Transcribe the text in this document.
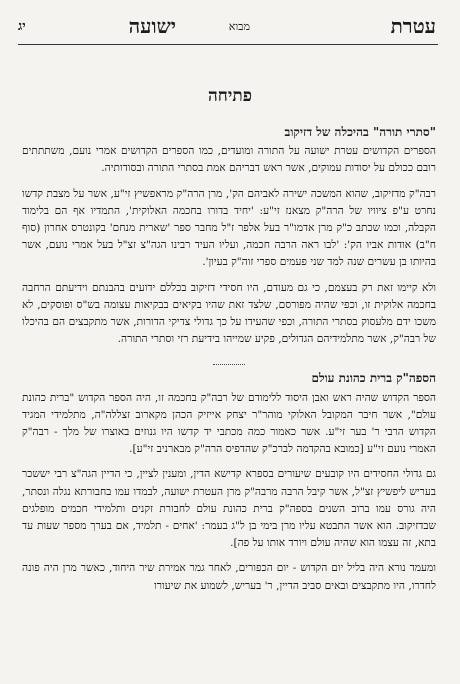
עטרת
מבוא
ישועה
יג
פתיחה
"סתרי תורה" בהיכלה של דזיקוב

הספרים הקדושים עטרת ישועה על התורה ומועדים, כמו הספרים הקדושים אמרי נועם, משתתתים רובם ככולם על יסודות עמוקים, אשר ראש דבריהם אמת בסתרי התורה ובסודותיה.

רבה"ק מדזיקוב, שהוא המשכה ישירה לאביהם הק', מרן הרה"ק מראפשיץ זי"ע, אשר על מצבת קדשו נחרט ע"פ ציוויו של הרה"ק מצאנז זי"ע: 'יחיד בדורו בחכמה האלוקית', התמדיו אף הם בלימוד הקבלה, וכמו שכתב כ"ק מרן אדמו"ר בעל אלפר ז"ל מחבר ספר 'שארית מנחם' בקונטרס אחרון (סוף ח"ב) אודות אביו הק': 'לבו ראה הרבה חכמה, ועליו העיד רבינו הגה"צ זצ"ל בעל אמרי נועם, אשר בהיותו בן עשרים שנה למד שני פעמים ספרי זוה"ק בעיון'.

ולא קיימו זאת רק בעצמם, כי גם מעודם, היו חסידי דזיקוב בכללם ידועים בהבנתם וידיעתם הרחבה בחכמה אלוקית זו, וכפי שהיה מפורסם, שלצד זאת שהיו בקיאים בבקיאות עצומה בש"ס ופוסקים, לא משכו ידם מלעסוק בסתרי התורה, וכפי שהעידו על כך גדולי צדיקי הדורות, אשר מתקבצים הם בהיכלו של רבה"ק, אשר מתלמידיהם הגדולים, פקיע שמייהו בידיעת רזי וסתרי התורה.

הספה"ק ברית כהונת עולם

הספר הקדוש שהיה ראש ואבן היסוד ללימודם של רבה"ק בחכמה זו, היה הספר הקדוש "ברית כהונת עולם", אשר חיבר המקובל האלוקי מוהר"ר יצחק אייזיק הכהן מקארוב זצללה"ה, מתלמידי המגיד הקדוש הרבי ר' בער זי"ע. אשר כאמור כמה מכתבי יד קדשו היו גנוזים באוצרו של מלך - רבה"ק האמרי נועם זי"ע [כמובא בהקדמה לברכ"ק שהדפיס הרה"ק מבארניב זי"ע].

גם גדולי החסידים היו קובעים שיעורים בספרא קדישא הדין, ומענין לציין, כי הדיין הגה"צ רבי יששכר בעריש ליפשיץ זצ"ל, אשר קיבל הרבה מרבה"ק מרן העטרת ישועה, לבמדו עמו בחבורתא נגלה ונסתר, היה גורס עמו ברוב השנים בספה"ק ברית כהונת עולם לחבורת זקנים ותלמידי חכמים מופלגים שבדזיקוב. הוא אשר התבטא עליו מרן בימי בן ל"ג בעמר: 'אחים - תלמיד, אם בערך מספר שעות עד בתא, זה עצמו הוא שהיה עולם ויורד אותו על פה].

ומעמד נורא היה בליל יום הקדוש - יום הכפורים, לאחר גמר אמירת שיר היחוד, כאשר מרן היה פונה לחדרו, היו מתקבצים ובאים סביב הדיין, ר' בעריש, לשמוע את שיעורו
